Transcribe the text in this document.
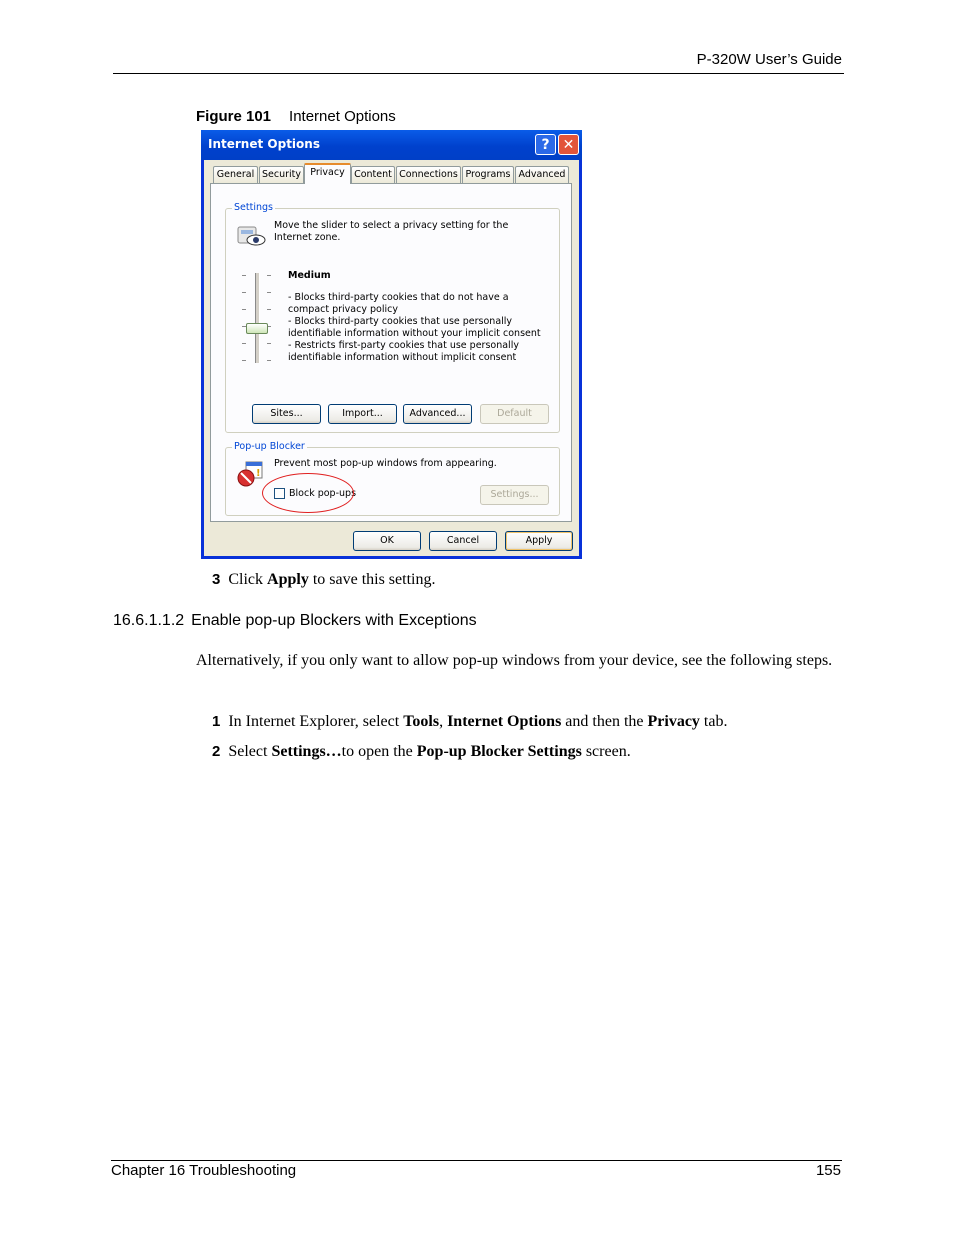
P-320W User’s Guide
Figure 101 Internet Options
Internet Options	? ✕
General Security Privacy Content Connections Programs Advanced
Settings
Move the slider to select a privacy setting for the Internet zone.
Medium
- Blocks third-party cookies that do not have a compact privacy policy
- Blocks third-party cookies that use personally identifiable information without your implicit consent
- Restricts first-party cookies that use personally identifiable information without implicit consent
Sites...	Import...	Advanced...	Default
Pop-up Blocker
!
Prevent most pop-up windows from appearing.
Block pop-ups	Settings...
OK	Cancel	Apply
3 Click Apply to save this setting.
16.6.1.1.2 Enable pop-up Blockers with Exceptions
Alternatively, if you only want to allow pop-up windows from your device, see the following steps.
1 In Internet Explorer, select Tools, Internet Options and then the Privacy tab.
2 Select Settings…to open the Pop-up Blocker Settings screen.
Chapter 16 Troubleshooting	155
